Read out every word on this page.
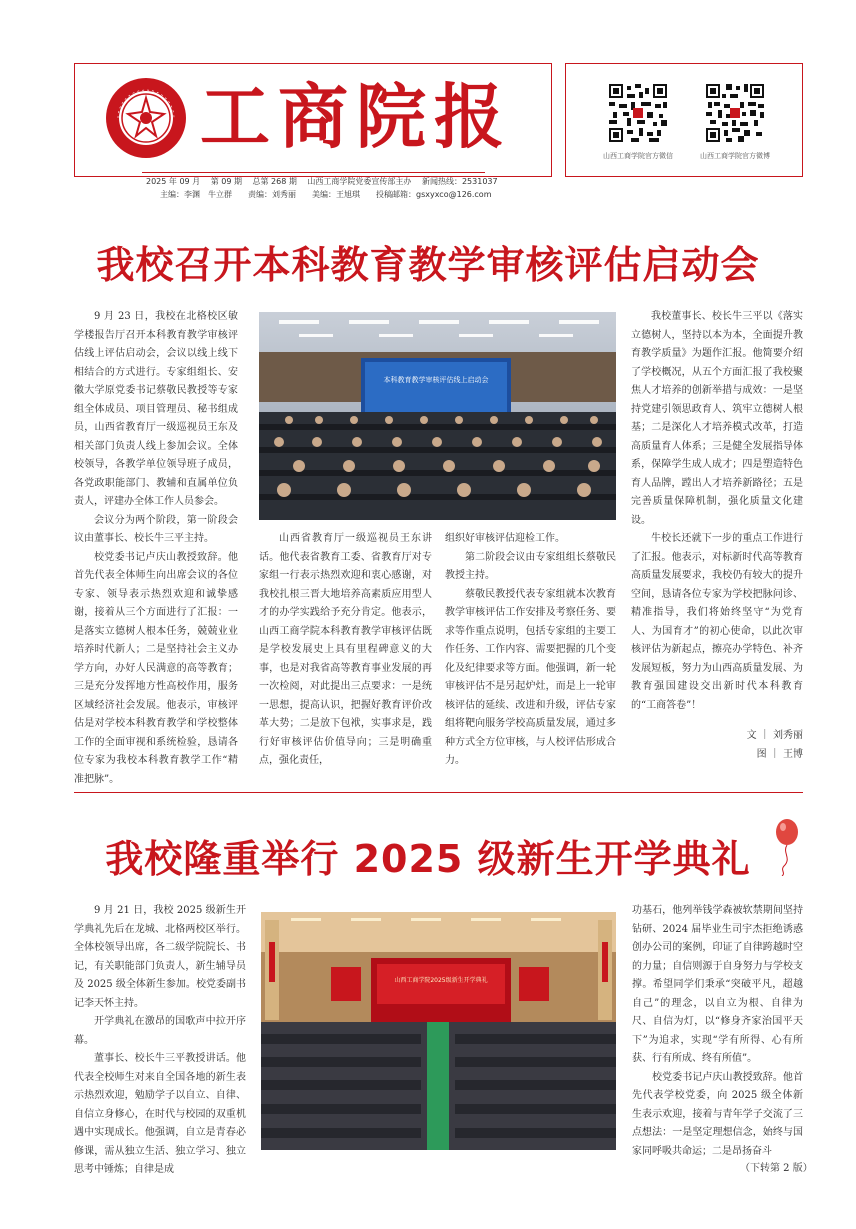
工商院报
2025 年 09 月　 第 09 期　 总第 268 期　 山西工商学院党委宣传部主办　 新闻热线：2531037
主编：李渊　牛立群　　责编：刘秀丽　　美编：王旭琪　　投稿邮箱：gsxyxco@126.com
山西工商学院官方微信	山西工商学院官方微博
我校召开本科教育教学审核评估启动会

9 月 23 日，我校在北格校区敏学楼报告厅召开本科教育教学审核评估线上评估启动会，会议以线上线下相结合的方式进行。专家组组长、安徽大学原党委书记蔡敬民教授等专家组全体成员、项目管理员、秘书组成员，山西省教育厅一级巡视员王东及相关部门负责人线上参加会议。全体校领导，各教学单位领导班子成员，各党政职能部门、教辅和直属单位负责人，评建办全体工作人员参会。

会议分为两个阶段，第一阶段会议由董事长、校长牛三平主持。

校党委书记卢庆山教授致辞。他首先代表全体师生向出席会议的各位专家、领导表示热烈欢迎和诚挚感谢，接着从三个方面进行了汇报：一是落实立德树人根本任务，兢兢业业培养时代新人；二是坚持社会主义办学方向，办好人民满意的高等教育；三是充分发挥地方性高校作用，服务区域经济社会发展。他表示，审核评估是对学校本科教育教学和学校整体工作的全面审视和系统检验，恳请各位专家为我校本科教育教学工作“精准把脉”。

本科教育教学审核评估线上启动会

山西省教育厅一级巡视员王东讲话。他代表省教育工委、省教育厅对专家组一行表示热烈欢迎和衷心感谢，对我校扎根三晋大地培养高素质应用型人才的办学实践给予充分肯定。他表示，山西工商学院本科教育教学审核评估既是学校发展史上具有里程碑意义的大事，也是对我省高等教育事业发展的再一次检阅，对此提出三点要求：一是统一思想，提高认识，把握好教育评价改革大势；二是放下包袱，实事求是，践行好审核评估价值导向；三是明确重点，强化责任，

组织好审核评估迎检工作。

第二阶段会议由专家组组长蔡敬民教授主持。

蔡敬民教授代表专家组就本次教育教学审核评估工作安排及考察任务、要求等作重点说明，包括专家组的主要工作任务、工作内容、需要把握的几个变化及纪律要求等方面。他强调，新一轮审核评估不是另起炉灶，而是上一轮审核评估的延续、改进和升级，评估专家组将靶向服务学校高质量发展，通过多种方式全方位审核，与人校评估形成合力。

我校董事长、校长牛三平以《落实立德树人，坚持以本为本，全面提升教育教学质量》为题作汇报。他简要介绍了学校概况，从五个方面汇报了我校聚焦人才培养的创新举措与成效：一是坚持党建引领思政育人、筑牢立德树人根基；二是深化人才培养模式改革，打造高质量育人体系；三是健全发展指导体系，保障学生成人成才；四是塑造特色育人品牌，蹚出人才培养新路径；五是完善质量保障机制，强化质量文化建设。

牛校长还就下一步的重点工作进行了汇报。他表示，对标新时代高等教育高质量发展要求，我校仍有较大的提升空间，恳请各位专家为学校把脉问诊、精准指导，我们将始终坚守“为党育人、为国育才”的初心使命，以此次审核评估为新起点，擦亮办学特色、补齐发展短板，努力为山西高质量发展、为教育强国建设交出新时代本科教育的“工商答卷”！

文 ｜ 刘秀丽
图 ｜ 王博
我校隆重举行 2025 级新生开学典礼

9 月 21 日，我校 2025 级新生开学典礼先后在龙城、北格两校区举行。全体校领导出席，各二级学院院长、书记，有关职能部门负责人，新生辅导员及 2025 级全体新生参加。校党委副书记李天怀主持。

开学典礼在激昂的国歌声中拉开序幕。

董事长、校长牛三平教授讲话。他代表全校师生对来自全国各地的新生表示热烈欢迎，勉励学子以自立、自律、自信立身修心，在时代与校园的双重机遇中实现成长。他强调，自立是青春必修课，需从独立生活、独立学习、独立思考中锤炼；自律是成

山西工商学院2025级新生开学典礼

功基石，他列举钱学森被软禁期间坚持钻研、2024 届毕业生司宇杰拒绝诱惑创办公司的案例，印证了自律跨越时空的力量；自信则源于自身努力与学校支撑。希望同学们秉承“突破平凡，超越自己”的理念，以自立为根、自律为尺、自信为灯，以“修身齐家治国平天下”为追求，实现“学有所得、心有所获、行有所成、终有所值”。

校党委书记卢庆山教授致辞。他首先代表学校党委，向 2025 级全体新生表示欢迎，接着与青年学子交流了三点想法：一是坚定理想信念，始终与国家同呼吸共命运；二是昂扬奋斗

（下转第 2 版）
